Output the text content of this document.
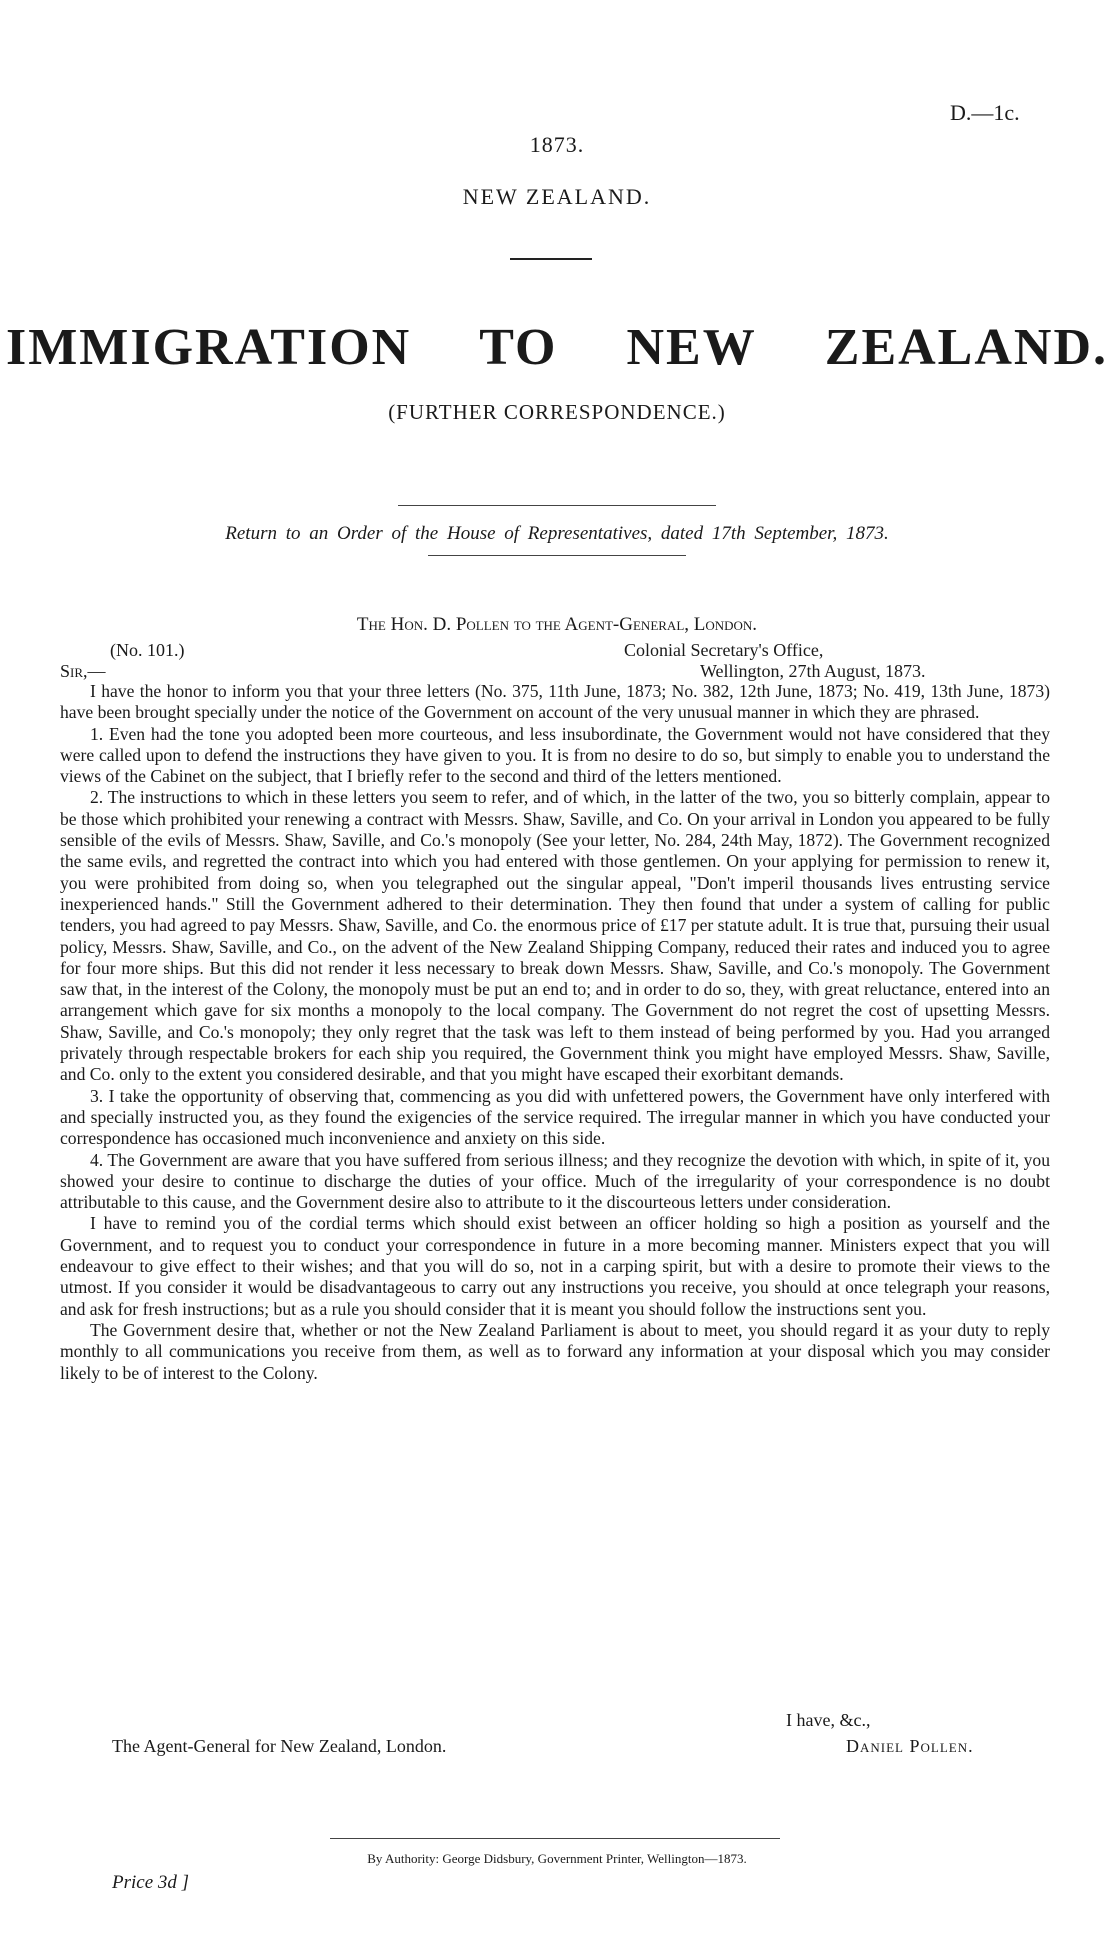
D.—1c.
1873.
NEW ZEALAND.
IMMIGRATION TO NEW ZEALAND.
(FURTHER CORRESPONDENCE.)
Return to an Order of the House of Representatives, dated 17th September, 1873.
The Hon. D. Pollen to the Agent-General, London.
(No. 101.)	Colonial Secretary's Office,
Sir,—	Wellington, 27th August, 1873.

I have the honor to inform you that your three letters (No. 375, 11th June, 1873; No. 382, 12th June, 1873; No. 419, 13th June, 1873) have been brought specially under the notice of the Government on account of the very unusual manner in which they are phrased.

1. Even had the tone you adopted been more courteous, and less insubordinate, the Government would not have considered that they were called upon to defend the instructions they have given to you. It is from no desire to do so, but simply to enable you to understand the views of the Cabinet on the subject, that I briefly refer to the second and third of the letters mentioned.

2. The instructions to which in these letters you seem to refer, and of which, in the latter of the two, you so bitterly complain, appear to be those which prohibited your renewing a contract with Messrs. Shaw, Saville, and Co. On your arrival in London you appeared to be fully sensible of the evils of Messrs. Shaw, Saville, and Co.'s monopoly (See your letter, No. 284, 24th May, 1872). The Government recognized the same evils, and regretted the contract into which you had entered with those gentlemen. On your applying for permission to renew it, you were prohibited from doing so, when you telegraphed out the singular appeal, "Don't imperil thousands lives entrusting service inexperienced hands." Still the Government adhered to their determination. They then found that under a system of calling for public tenders, you had agreed to pay Messrs. Shaw, Saville, and Co. the enormous price of £17 per statute adult. It is true that, pursuing their usual policy, Messrs. Shaw, Saville, and Co., on the advent of the New Zealand Shipping Company, reduced their rates and induced you to agree for four more ships. But this did not render it less necessary to break down Messrs. Shaw, Saville, and Co.'s monopoly. The Government saw that, in the interest of the Colony, the monopoly must be put an end to; and in order to do so, they, with great reluctance, entered into an arrangement which gave for six months a monopoly to the local company. The Government do not regret the cost of upsetting Messrs. Shaw, Saville, and Co.'s monopoly; they only regret that the task was left to them instead of being performed by you. Had you arranged privately through respectable brokers for each ship you required, the Government think you might have employed Messrs. Shaw, Saville, and Co. only to the extent you considered desirable, and that you might have escaped their exorbitant demands.

3. I take the opportunity of observing that, commencing as you did with unfettered powers, the Government have only interfered with and specially instructed you, as they found the exigencies of the service required. The irregular manner in which you have conducted your correspondence has occasioned much inconvenience and anxiety on this side.

4. The Government are aware that you have suffered from serious illness; and they recognize the devotion with which, in spite of it, you showed your desire to continue to discharge the duties of your office. Much of the irregularity of your correspondence is no doubt attributable to this cause, and the Government desire also to attribute to it the discourteous letters under consideration.

I have to remind you of the cordial terms which should exist between an officer holding so high a position as yourself and the Government, and to request you to conduct your correspondence in future in a more becoming manner. Ministers expect that you will endeavour to give effect to their wishes; and that you will do so, not in a carping spirit, but with a desire to promote their views to the utmost. If you consider it would be disadvantageous to carry out any instructions you receive, you should at once telegraph your reasons, and ask for fresh instructions; but as a rule you should consider that it is meant you should follow the instructions sent you.

The Government desire that, whether or not the New Zealand Parliament is about to meet, you should regard it as your duty to reply monthly to all communications you receive from them, as well as to forward any information at your disposal which you may consider likely to be of interest to the Colony.

I have, &c.,
The Agent-General for New Zealand, London.	Daniel Pollen.
By Authority: George Didsbury, Government Printer, Wellington—1873.
Price 3d ]
